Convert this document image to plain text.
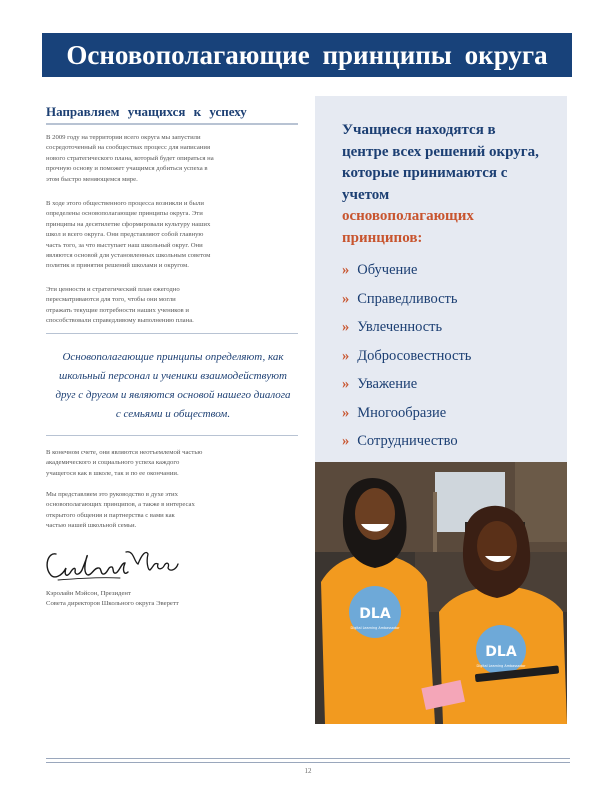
Основополагающие принципы округа
Направляем учащихся к успеху

В 2009 году на территории всего округа мы запустили сосредоточенный на сообществах процесс для написания нового стратегического плана, который будет опираться на прочную основу и поможет учащимся добиться успеха в этом быстро меняющемся мире.

В ходе этого общественного процесса возникли и были определены основополагающие принципы округа. Эти принципы на десятилетие сформировали культуру наших школ и всего округа. Они представляют собой главную часть того, за что выступает наш школьный округ. Они являются основой для установленных школьным советом политик и принятия решений школами и округом.

Эти ценности и стратегический план ежегодно пересматриваются для того, чтобы они могли отражать текущие потребности наших учеников и способствовали справедливому выполнению плана.

Основополагающие принципы определяют, как школьный персонал и ученики взаимодействуют друг с другом и являются основой нашего диалога с семьями и обществом.

В конечном счете, они являются неотъемлемой частью академического и социального успеха каждого учащегося как в школе, так и по ее окончании.

Мы представляем это руководство в духе этих основополагающих принципов, а также в интересах открытого общения и партнерства с вами как частью нашей школьной семьи.

Кэролайн Мэйсон, Президент

Совета директоров Школьного округа Эверетт

Учащиеся находятся в центре всех решений округа, которые принимаются с учетом
основополагающих принципов:

» Обучение
» Справедливость
» Увлеченность
» Добросовестность
» Уважение
» Многообразие
» Сотрудничество
DLA
Digital Learning Ambassador
DLA
Digital Learning Ambassador
12
